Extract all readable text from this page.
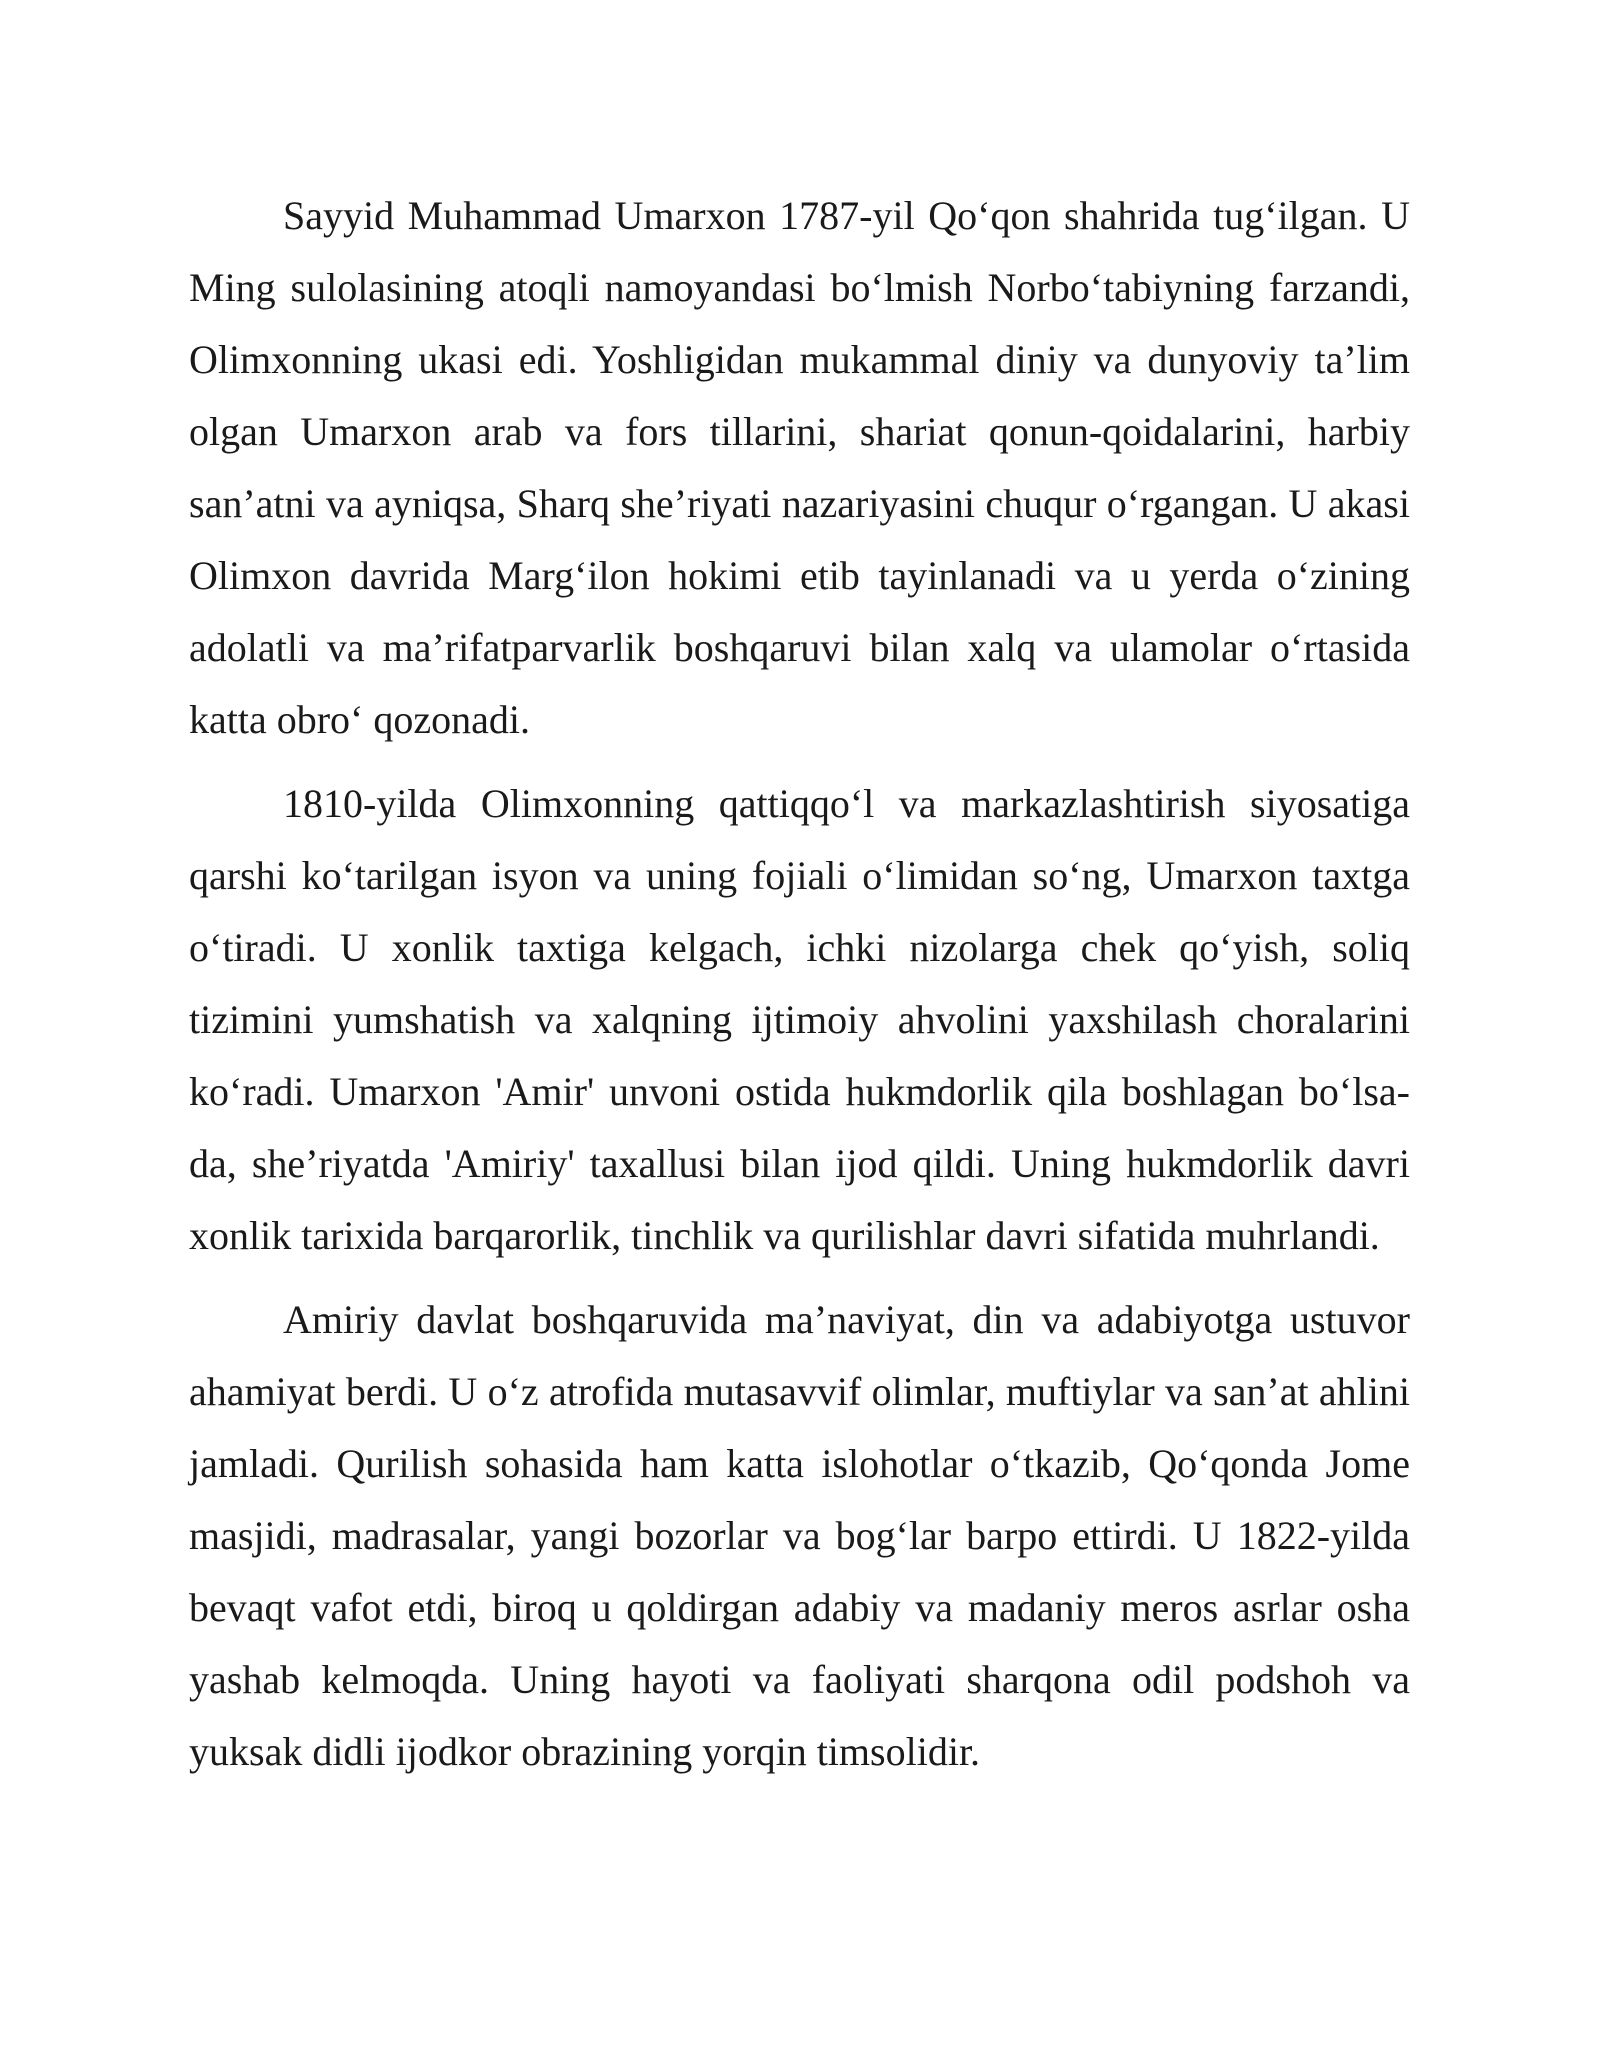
Sayyid Muhammad Umarxon 1787-yil Qo‘qon shahrida tug‘ilgan. U Ming sulolasining atoqli namoyandasi bo‘lmish Norbo‘tabiyning farzandi, Olimxonning ukasi edi. Yoshligidan mukammal diniy va dunyoviy ta’lim olgan Umarxon arab va fors tillarini, shariat qonun-qoidalarini, harbiy san’atni va ayniqsa, Sharq she’riyati nazariyasini chuqur o‘rgangan. U akasi Olimxon davrida Marg‘ilon hokimi etib tayinlanadi va u yerda o‘zining adolatli va ma’rifatparvarlik boshqaruvi bilan xalq va ulamolar o‘rtasida katta obro‘ qozonadi.

1810-yilda Olimxonning qattiqqo‘l va markazlashtirish siyosatiga qarshi ko‘tarilgan isyon va uning fojiali o‘limidan so‘ng, Umarxon taxtga o‘tiradi. U xonlik taxtiga kelgach, ichki nizolarga chek qo‘yish, soliq tizimini yumshatish va xalqning ijtimoiy ahvolini yaxshilash choralarini ko‘radi. Umarxon 'Amir' unvoni ostida hukmdorlik qila boshlagan bo‘lsa-da, she’riyatda 'Amiriy' taxallusi bilan ijod qildi. Uning hukmdorlik davri xonlik tarixida barqarorlik, tinchlik va qurilishlar davri sifatida muhrlandi.

Amiriy davlat boshqaruvida ma’naviyat, din va adabiyotga ustuvor ahamiyat berdi. U o‘z atrofida mutasavvif olimlar, muftiylar va san’at ahlini jamladi. Qurilish sohasida ham katta islohotlar o‘tkazib, Qo‘qonda Jome masjidi, madrasalar, yangi bozorlar va bog‘lar barpo ettirdi. U 1822-yilda bevaqt vafot etdi, biroq u qoldirgan adabiy va madaniy meros asrlar osha yashab kelmoqda. Uning hayoti va faoliyati sharqona odil podshoh va yuksak didli ijodkor obrazining yorqin timsolidir.
